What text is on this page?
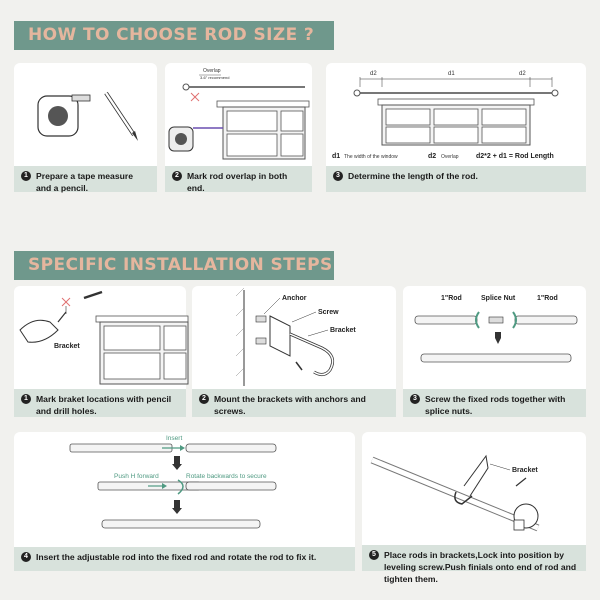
HOW TO CHOOSE ROD SIZE ?
1 Prepare a tape measure and a pencil.
Overlap
3-6" recommend
2 Mark rod overlap in both end.
d2	d1	d2
d1 The width of the window	d2 Overlap d2*2 + d1 = Rod Length
3 Determine the length of the rod.
SPECIFIC INSTALLATION STEPS
Bracket
1 Mark braket locations with pencil and drill holes.
Anchor
Screw
Bracket
2 Mount the brackets with anchors and screws.
1"Rod	Splice Nut	1"Rod
3 Screw the fixed rods together with splice nuts.
Insert
Push H forward	Rotate backwards to secure
4 Insert the adjustable rod into the fixed rod and rotate the rod to fix it.
Bracket
5 Place rods in brackets,Lock into position by leveling screw.Push finials onto end of rod and tighten them.
